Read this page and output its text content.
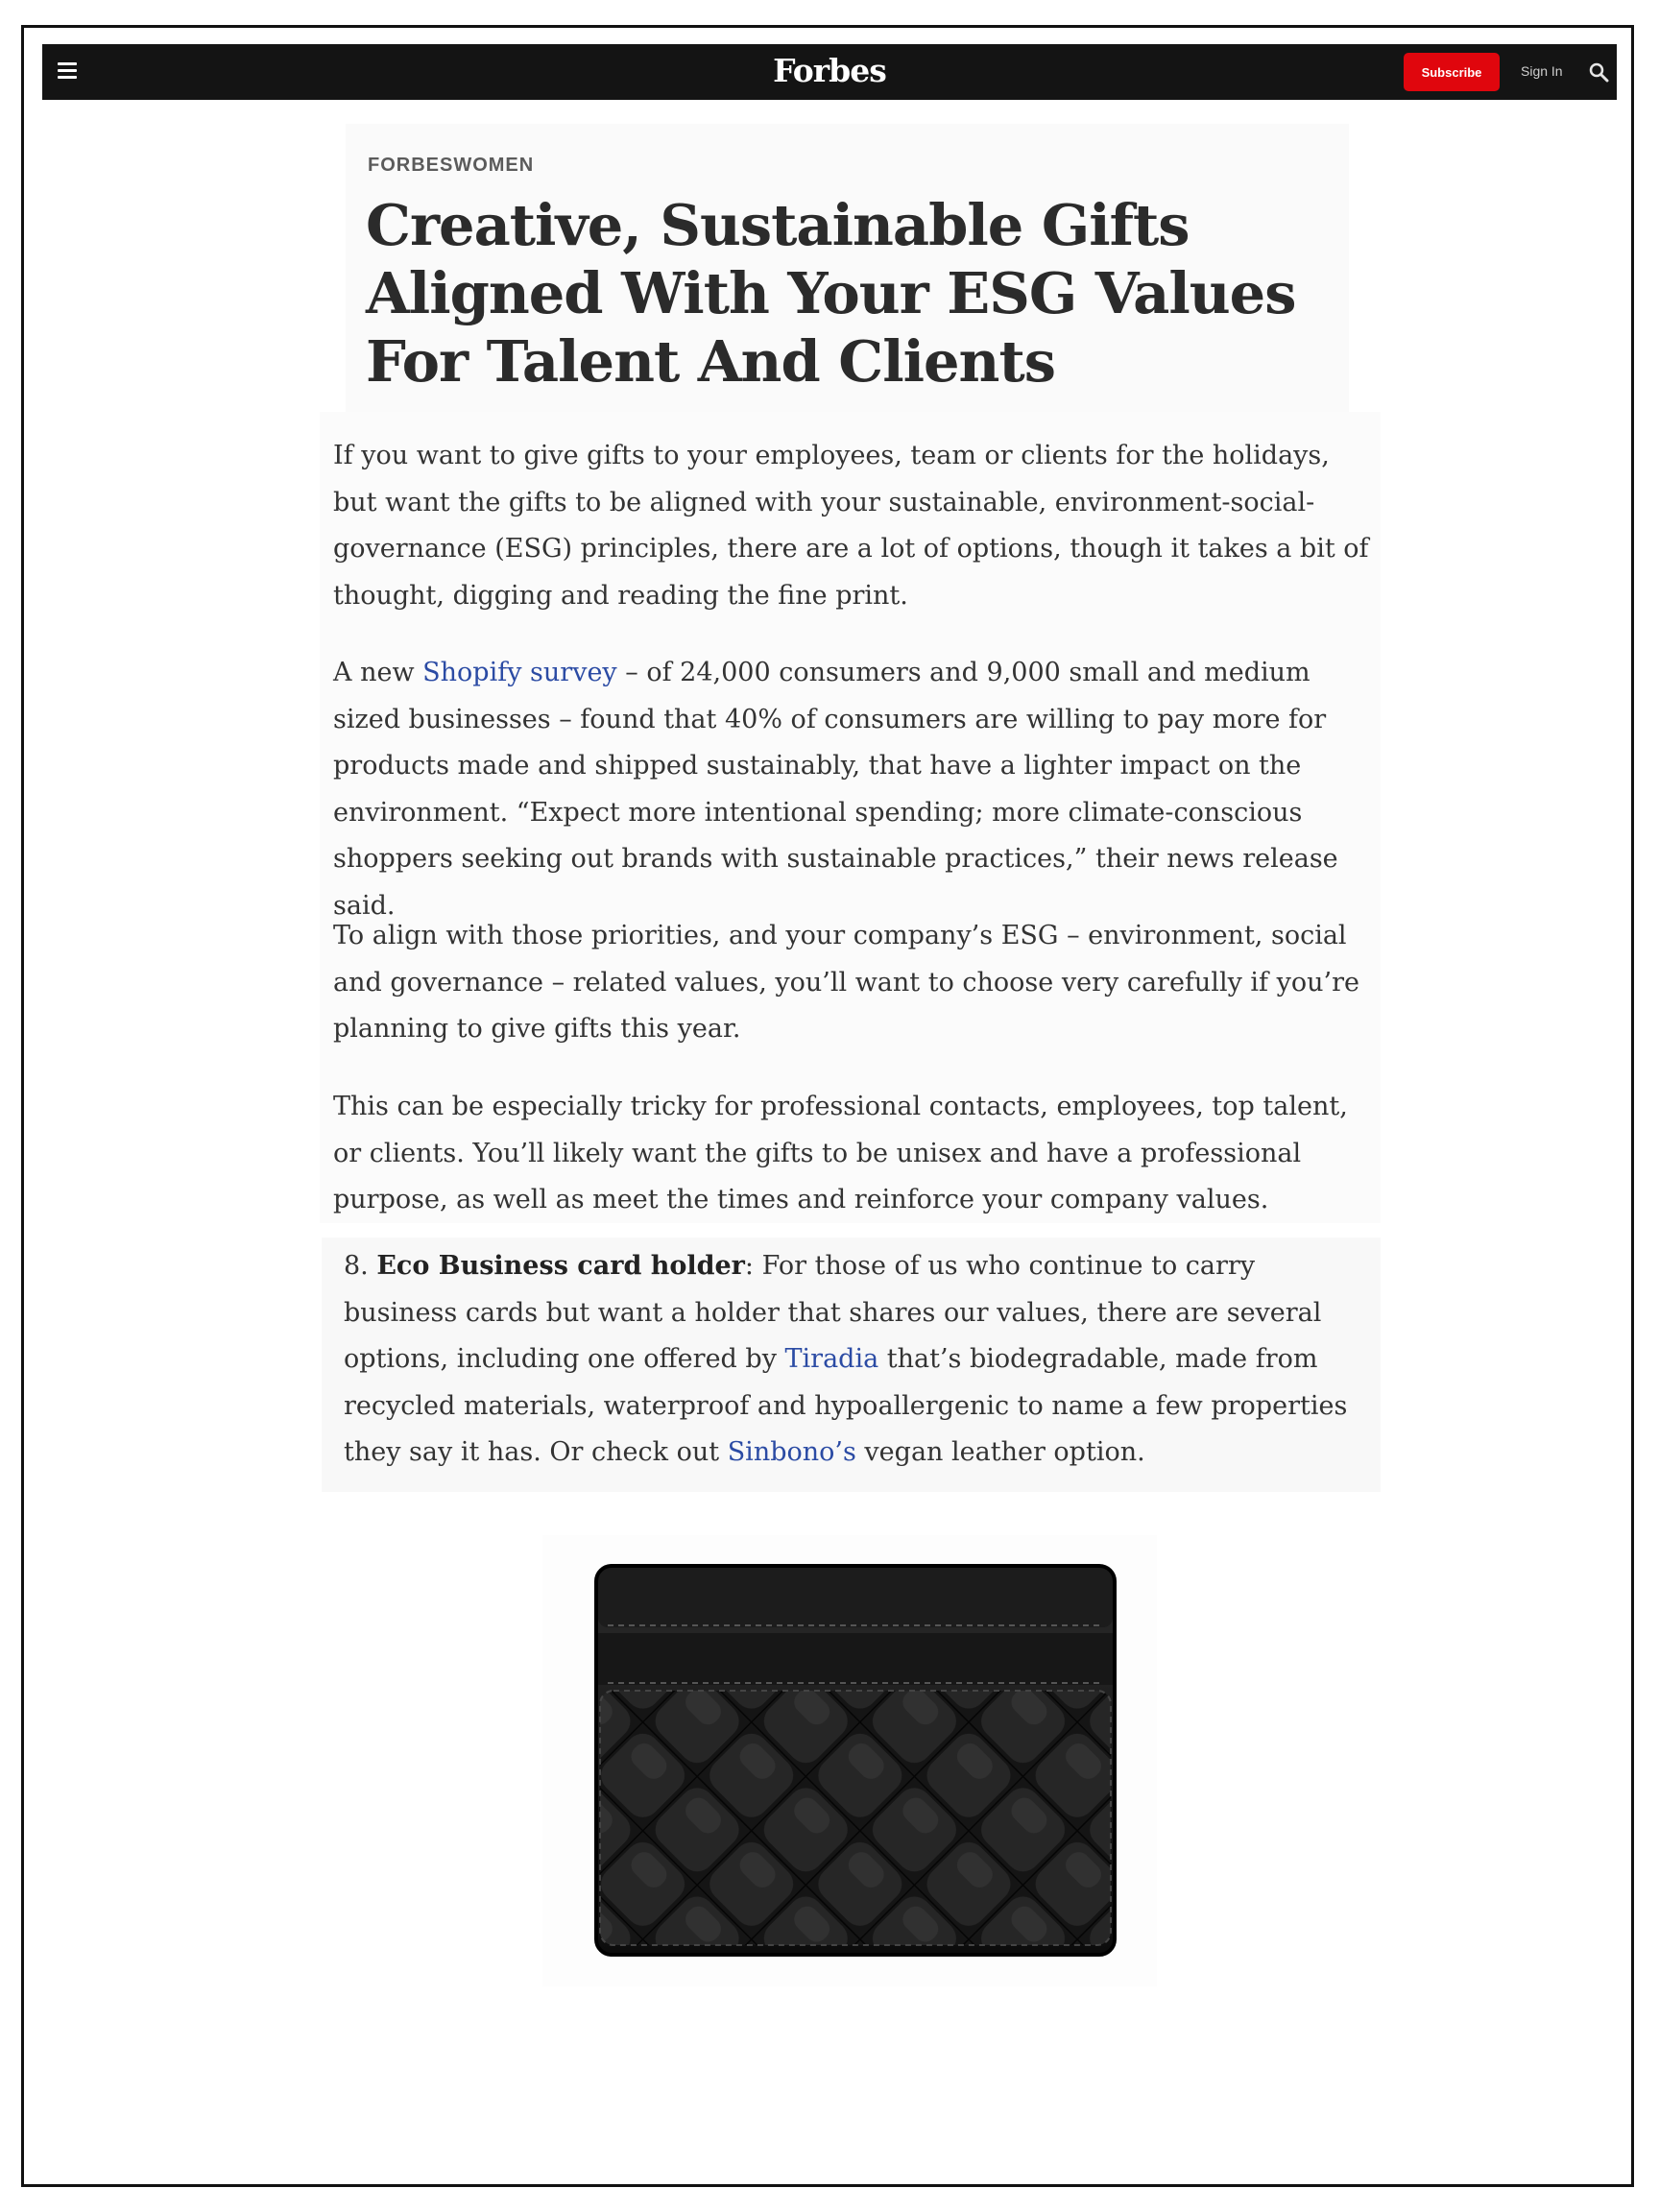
Forbes	Subscribe	Sign In
FORBESWOMEN
Creative, Sustainable Gifts Aligned With Your ESG Values For Talent And Clients

If you want to give gifts to your employees, team or clients for the holidays, but want the gifts to be aligned with your sustainable, environment-social-governance (ESG) principles, there are a lot of options, though it takes a bit of thought, digging and reading the fine print.

A new Shopify survey – of 24,000 consumers and 9,000 small and medium sized businesses – found that 40% of consumers are willing to pay more for products made and shipped sustainably, that have a lighter impact on the environment. “Expect more intentional spending; more climate-conscious shoppers seeking out brands with sustainable practices,” their news release said.

To align with those priorities, and your company’s ESG – environment, social and governance – related values, you’ll want to choose very carefully if you’re planning to give gifts this year.

This can be especially tricky for professional contacts, employees, top talent, or clients. You’ll likely want the gifts to be unisex and have a professional purpose, as well as meet the times and reinforce your company values.

8. Eco Business card holder: For those of us who continue to carry business cards but want a holder that shares our values, there are several options, including one offered by Tiradia that’s biodegradable, made from recycled materials, waterproof and hypoallergenic to name a few properties they say it has. Or check out Sinbono’s vegan leather option.
